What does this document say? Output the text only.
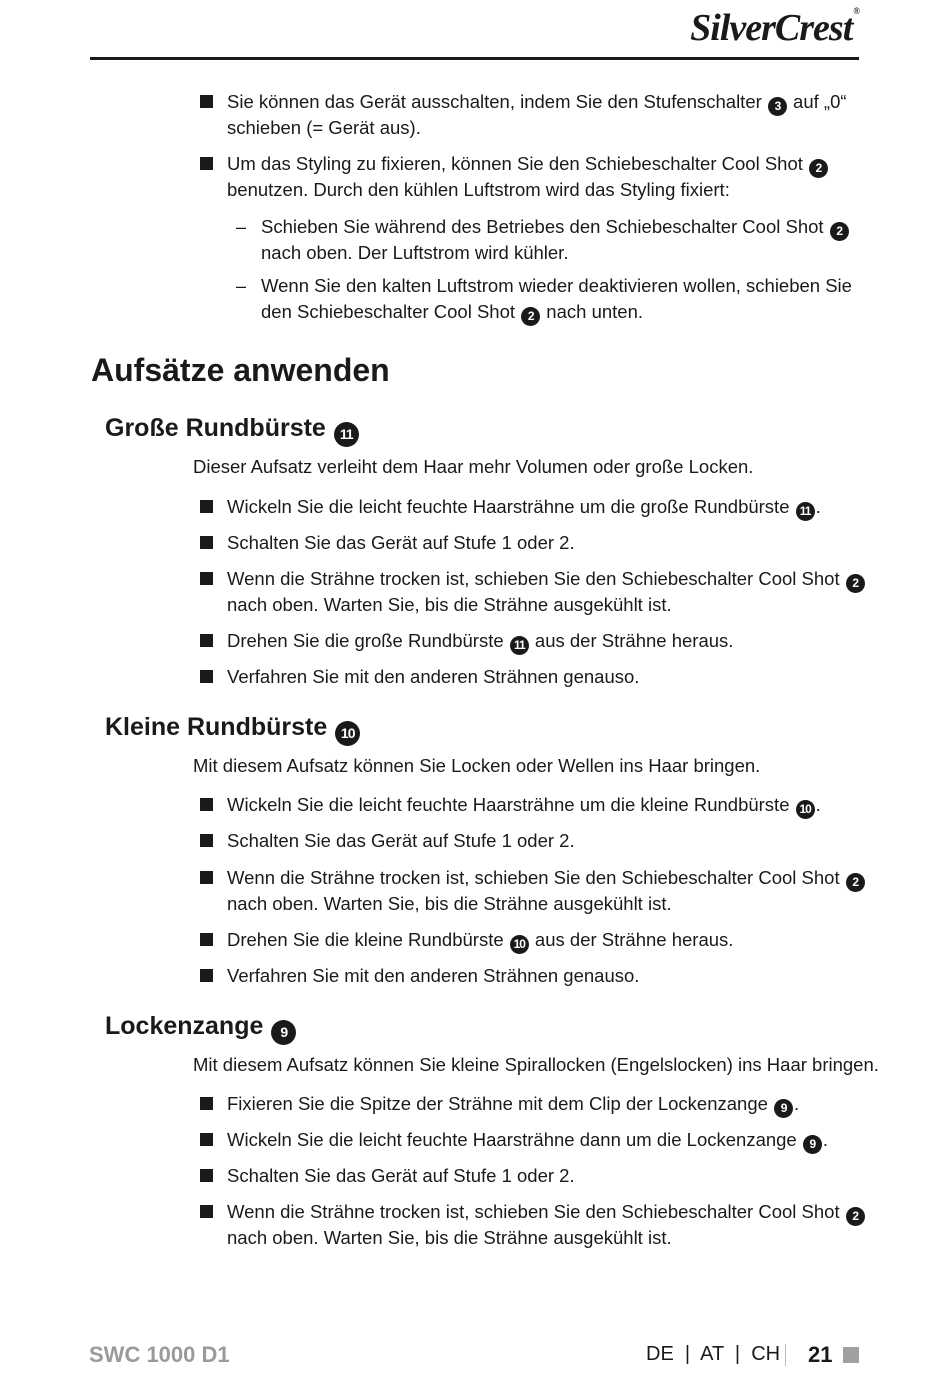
SilverCrest®
Sie können das Gerät ausschalten, indem Sie den Stufenschalter 3 auf „0“
schieben (= Gerät aus).
Um das Styling zu fixieren, können Sie den Schiebeschalter Cool Shot 2
benutzen. Durch den kühlen Luftstrom wird das Styling fixiert:
– Schieben Sie während des Betriebes den Schiebeschalter Cool Shot 2
nach oben. Der Luftstrom wird kühler.
– Wenn Sie den kalten Luftstrom wieder deaktivieren wollen, schieben Sie
den Schiebeschalter Cool Shot 2 nach unten.
Aufsätze anwenden
Große Rundbürste 11
Dieser Aufsatz verleiht dem Haar mehr Volumen oder große Locken.
Wickeln Sie die leicht feuchte Haarsträhne um die große Rundbürste 11 .
Schalten Sie das Gerät auf Stufe 1 oder 2.
Wenn die Strähne trocken ist, schieben Sie den Schiebeschalter Cool Shot 2
nach oben. Warten Sie, bis die Strähne ausgekühlt ist.
Drehen Sie die große Rundbürste 11 aus der Strähne heraus.
Verfahren Sie mit den anderen Strähnen genauso.
Kleine Rundbürste 10
Mit diesem Aufsatz können Sie Locken oder Wellen ins Haar bringen.
Wickeln Sie die leicht feuchte Haarsträhne um die kleine Rundbürste 10 .
Schalten Sie das Gerät auf Stufe 1 oder 2.
Wenn die Strähne trocken ist, schieben Sie den Schiebeschalter Cool Shot 2
nach oben. Warten Sie, bis die Strähne ausgekühlt ist.
Drehen Sie die kleine Rundbürste 10 aus der Strähne heraus.
Verfahren Sie mit den anderen Strähnen genauso.
Lockenzange 9
Mit diesem Aufsatz können Sie kleine Spirallocken (Engelslocken) ins Haar bringen.
Fixieren Sie die Spitze der Strähne mit dem Clip der Lockenzange 9 .
Wickeln Sie die leicht feuchte Haarsträhne dann um die Lockenzange 9 .
Schalten Sie das Gerät auf Stufe 1 oder 2.
Wenn die Strähne trocken ist, schieben Sie den Schiebeschalter Cool Shot 2
nach oben. Warten Sie, bis die Strähne ausgekühlt ist.
SWC 1000 D1	DE  |  AT  |  CH 21
